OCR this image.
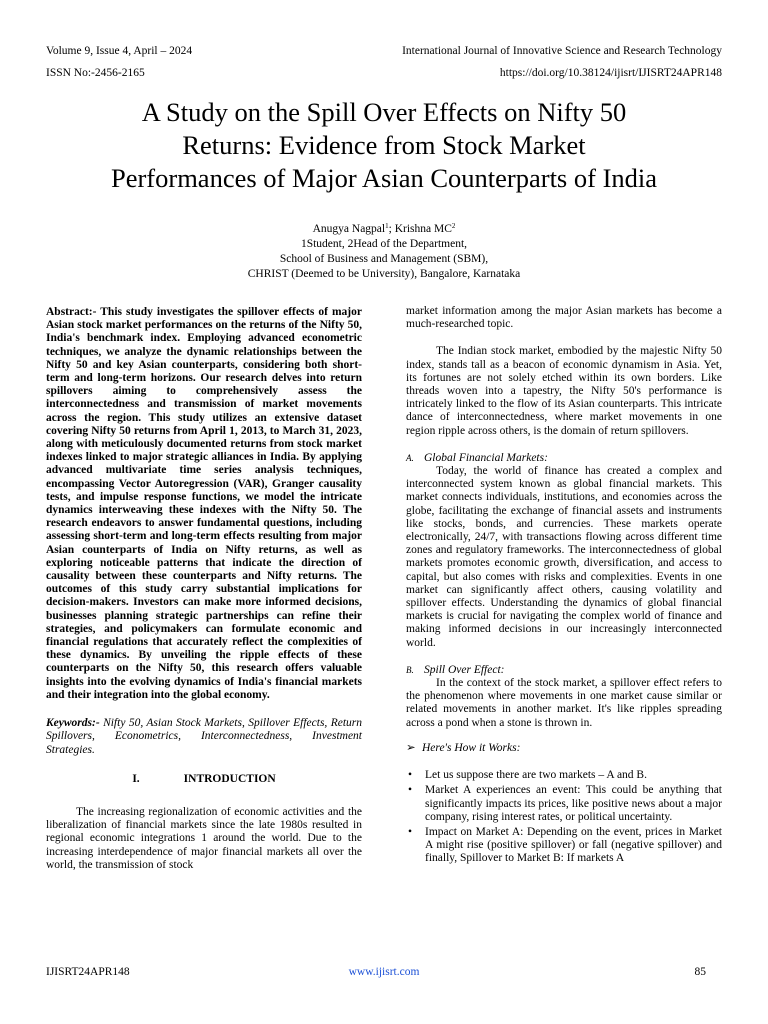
Volume 9, Issue 4, April – 2024	International Journal of Innovative Science and Research Technology
ISSN No:-2456-2165	https://doi.org/10.38124/ijisrt/IJISRT24APR148
A Study on the Spill Over Effects on Nifty 50
Returns: Evidence from Stock Market
Performances of Major Asian Counterparts of India
Anugya Nagpal$^1$; Krishna $MC^2$
1Student, 2Head of the Department,
School of Business and Management (SBM),
CHRIST (Deemed to be University), Bangalore, Karnataka

Abstract:- This study investigates the spillover effects of major Asian stock market performances on the returns of the Nifty 50, India's benchmark index. Employing advanced econometric techniques, we analyze the dynamic relationships between the Nifty 50 and key Asian counterparts, considering both short-term and long-term horizons. Our research delves into return spillovers aiming to comprehensively assess the interconnectedness and transmission of market movements across the region. This study utilizes an extensive dataset covering Nifty 50 returns from April 1, 2013, to March 31, 2023, along with meticulously documented returns from stock market indexes linked to major strategic alliances in India. By applying advanced multivariate time series analysis techniques, encompassing Vector Autoregression (VAR), Granger causality tests, and impulse response functions, we model the intricate dynamics interweaving these indexes with the Nifty 50. The research endeavors to answer fundamental questions, including assessing short-term and long-term effects resulting from major Asian counterparts of India on Nifty returns, as well as exploring noticeable patterns that indicate the direction of causality between these counterparts and Nifty returns. The outcomes of this study carry substantial implications for decision-makers. Investors can make more informed decisions, businesses planning strategic partnerships can refine their strategies, and policymakers can formulate economic and financial regulations that accurately reflect the complexities of these dynamics. By unveiling the ripple effects of these counterparts on the Nifty 50, this research offers valuable insights into the evolving dynamics of India's financial markets and their integration into the global economy.

Keywords:- Nifty 50, Asian Stock Markets, Spillover Effects, Return Spillovers, Econometrics, Interconnectedness, Investment Strategies.

I.	INTRODUCTION

The increasing regionalization of economic activities and the liberalization of financial markets since the late 1980s resulted in regional economic integrations 1 around the world. Due to the increasing interdependence of major financial markets all over the world, the transmission of stock

market information among the major Asian markets has become a much-researched topic.

The Indian stock market, embodied by the majestic Nifty 50 index, stands tall as a beacon of economic dynamism in Asia. Yet, its fortunes are not solely etched within its own borders. Like threads woven into a tapestry, the Nifty 50's performance is intricately linked to the flow of its Asian counterparts. This intricate dance of interconnectedness, where market movements in one region ripple across others, is the domain of return spillovers.

A. Global Financial Markets:

Today, the world of finance has created a complex and interconnected system known as global financial markets. This market connects individuals, institutions, and economies across the globe, facilitating the exchange of financial assets and instruments like stocks, bonds, and currencies. These markets operate electronically, 24/7, with transactions flowing across different time zones and regulatory frameworks. The interconnectedness of global markets promotes economic growth, diversification, and access to capital, but also comes with risks and complexities. Events in one market can significantly affect others, causing volatility and spillover effects. Understanding the dynamics of global financial markets is crucial for navigating the complex world of finance and making informed decisions in our increasingly interconnected world.

B. Spill Over Effect:

In the context of the stock market, a spillover effect refers to the phenomenon where movements in one market cause similar or related movements in another market. It's like ripples spreading across a pond when a stone is thrown in.

➢ Here's How it Works:
• Let us suppose there are two markets – A and B.
• Market A experiences an event: This could be anything that significantly impacts its prices, like positive news about a major company, rising interest rates, or political uncertainty.
• Impact on Market A: Depending on the event, prices in Market A might rise (positive spillover) or fall (negative spillover) and finally, Spillover to Market B: If markets A
IJISRT24APR148	www.ijisrt.com	85
